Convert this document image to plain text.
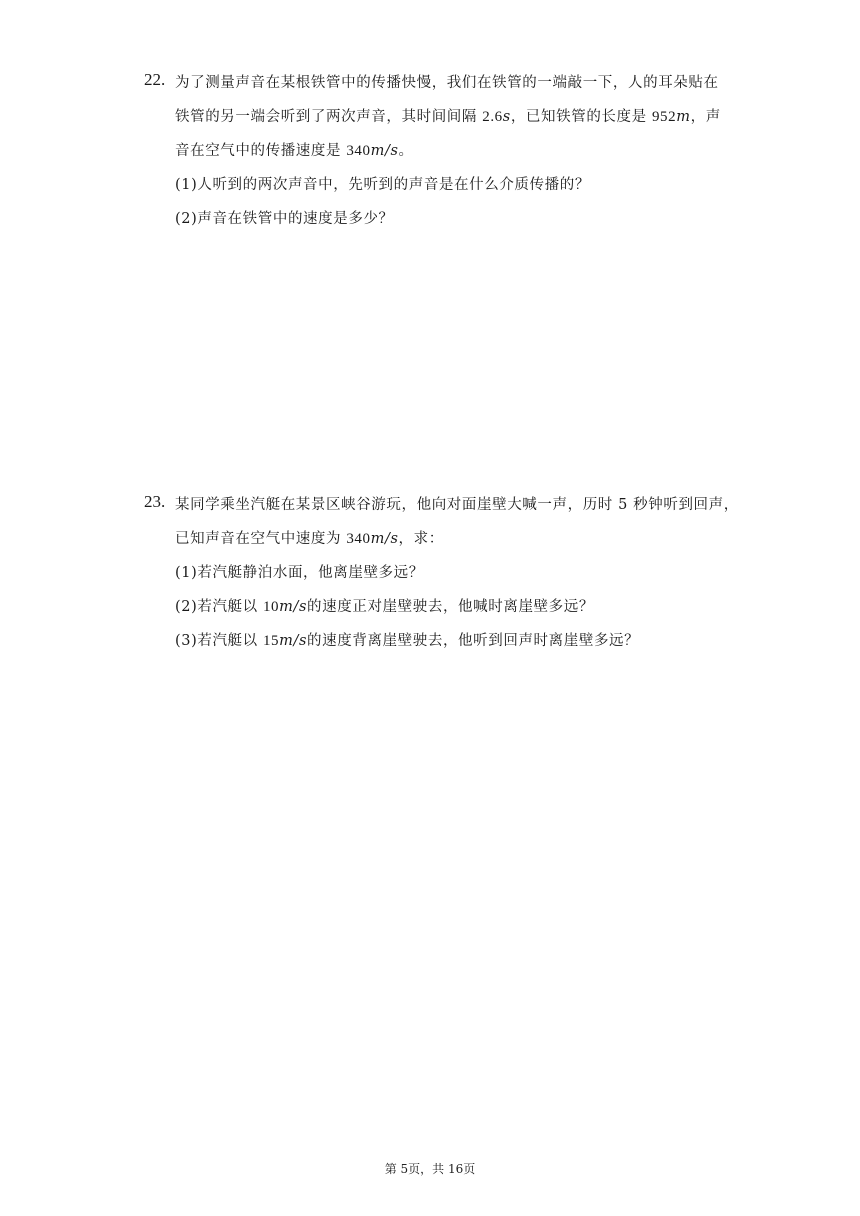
22. 为了测量声音在某根铁管中的传播快慢，我们在铁管的一端敲一下，人的耳朵贴在
铁管的另一端会听到了两次声音，其时间间隔 2.6s，已知铁管的长度是 952m，声
音在空气中的传播速度是 340m/s。
(1)人听到的两次声音中，先听到的声音是在什么介质传播的？
(2)声音在铁管中的速度是多少？
23. 某同学乘坐汽艇在某景区峡谷游玩，他向对面崖壁大喊一声，历时 5 秒钟听到回声，
已知声音在空气中速度为 340m/s，求：
(1)若汽艇静泊水面，他离崖壁多远？
(2)若汽艇以 10m/s的速度正对崖壁驶去，他喊时离崖壁多远？
(3)若汽艇以 15m/s的速度背离崖壁驶去，他听到回声时离崖壁多远？
第 5页，共 16页
